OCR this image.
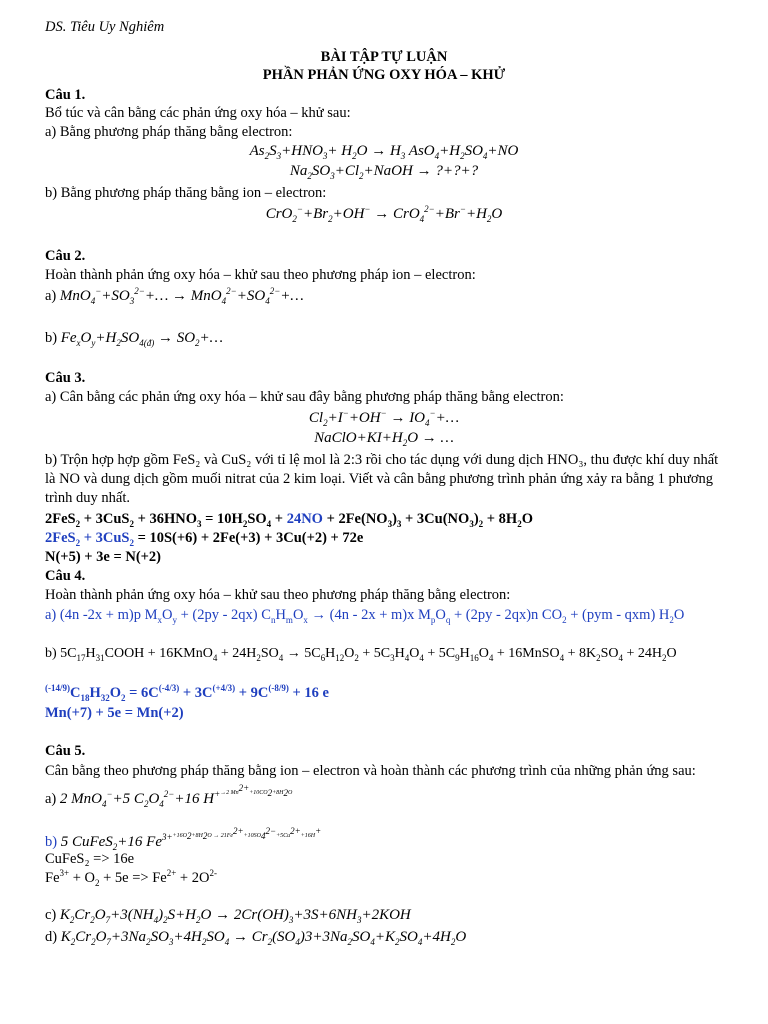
DS. Tiêu Uy Nghiêm
BÀI TẬP TỰ LUẬN
PHẦN PHẢN ỨNG OXY HÓA – KHỬ
Câu 1.
Bổ túc và cân bằng các phản ứng oxy hóa – khử sau:
a) Bằng phương pháp thăng bằng electron:
$As_2S_3+HNO_3+ H_2O \to H_3$ $AsO_4+H_2SO_4+NO$
$Na_2SO_3+Cl_2+NaOH$ → ?+?+?
b) Bằng phương pháp thăng bằng ion – electron:
$CrO_2^-+Br_2+OH^- \to CrO_4^{2-}+Br^-+H_2O$
Câu 2.
Hoàn thành phản ứng oxy hóa – khử sau theo phương pháp ion – electron:
a) $MnO_4^-+SO_3^{2-}+\dots$ → $MnO_4^{2-}+SO_4^{2-}+\dots$
b) $Fe_xO_y+H_2SO_{4(đ)}$ → $SO_2+\dots$
Câu 3.
a) Cân bằng các phản ứng oxy hóa – khử sau đây bằng phương pháp thăng bằng electron:
$Cl_2+I^-+OH^-$ → $IO_4^-+\dots$
$NaClO+KI+H_2O$ → …
b) Trộn hợp hợp gồm FeS₂ và CuS₂ với tỉ lệ mol là 2:3 rồi cho tác dụng với dung dịch HNO₃, thu được khí duy nhất là NO và dung dịch gồm muối nitrat của 2 kim loại. Viết và cân bằng phương trình phản ứng xảy ra bằng 1 phương trình duy nhất.
$2FeS_2 + 3CuS_2 + 36HNO_3 = 10H_2SO_4 + 24NO + 2Fe(NO_3)_3 + 3Cu(NO_3)_2 + 8H_2O$
2FeS$_2$ + 3CuS$_2$ = 10S(+6) + 2Fe(+3) + 3Cu(+2) + 72e
N(+5) + 3e = N(+2)
Câu 4.
Hoàn thành phản ứng oxy hóa – khử sau theo phương pháp thăng bằng electron:
a) (4n -2x + m)p $M_xO_y + (2py - 2qx) C_nH_mO_x \to (4n - 2x + m)x$ $M_pO_q + (2py - 2qx)n$ $CO_2 + (pym - qxm)$ $H_2O$
b) $5C_{17}H_{31}COOH$ + 16KMnO$_4$ + $24H_2SO_4 \to 5C_6H_{12}O_2 + 5C_3H_4O_4 + 5C_9H_{16}O_4$ + 16MnSO$_4$ + $8K_2SO_4 + 24H_2O$
$^{(-14/9)}C_{18}H_{32}O_2 = 6C^{(-4/3)} + 3C^{(+4/3)} + 9C^{(-8/9)} + 16$ e
Mn(+7) + 5e = Mn(+2)
Câu 5.
Cân bằng theo phương pháp thăng bằng ion – electron và hoàn thành các phương trình của những phản ứng sau:
a) 2 MnO$_4$−+5 $C_2O_4^{2-}+16$ $H^{+\to 2 Mn^{2+}+10CO_2+8H_2O}$
b) 5 CuFeS$_2$+16 $Fe^{3++16O_2+8H_2O \to 21Fe^{2+}+10SO_4^{2-}+5Cu^{2+}+16H^+}$
CuFeS₂ => 16e
$Fe^{3+} + O_2 + 5e => Fe^{2+} + 2O^{2-}$
c) $K_2Cr_2O_7+3(NH_4)_2S+H_2O \to 2Cr(OH)_3+3S+6NH_3+2KOH$
d) $K_2Cr_2O_7+3Na_2SO_3+4H_2SO_4 \to Cr_2(SO_4)3+3Na_2SO_4+K_2SO_4+4H_2O$
